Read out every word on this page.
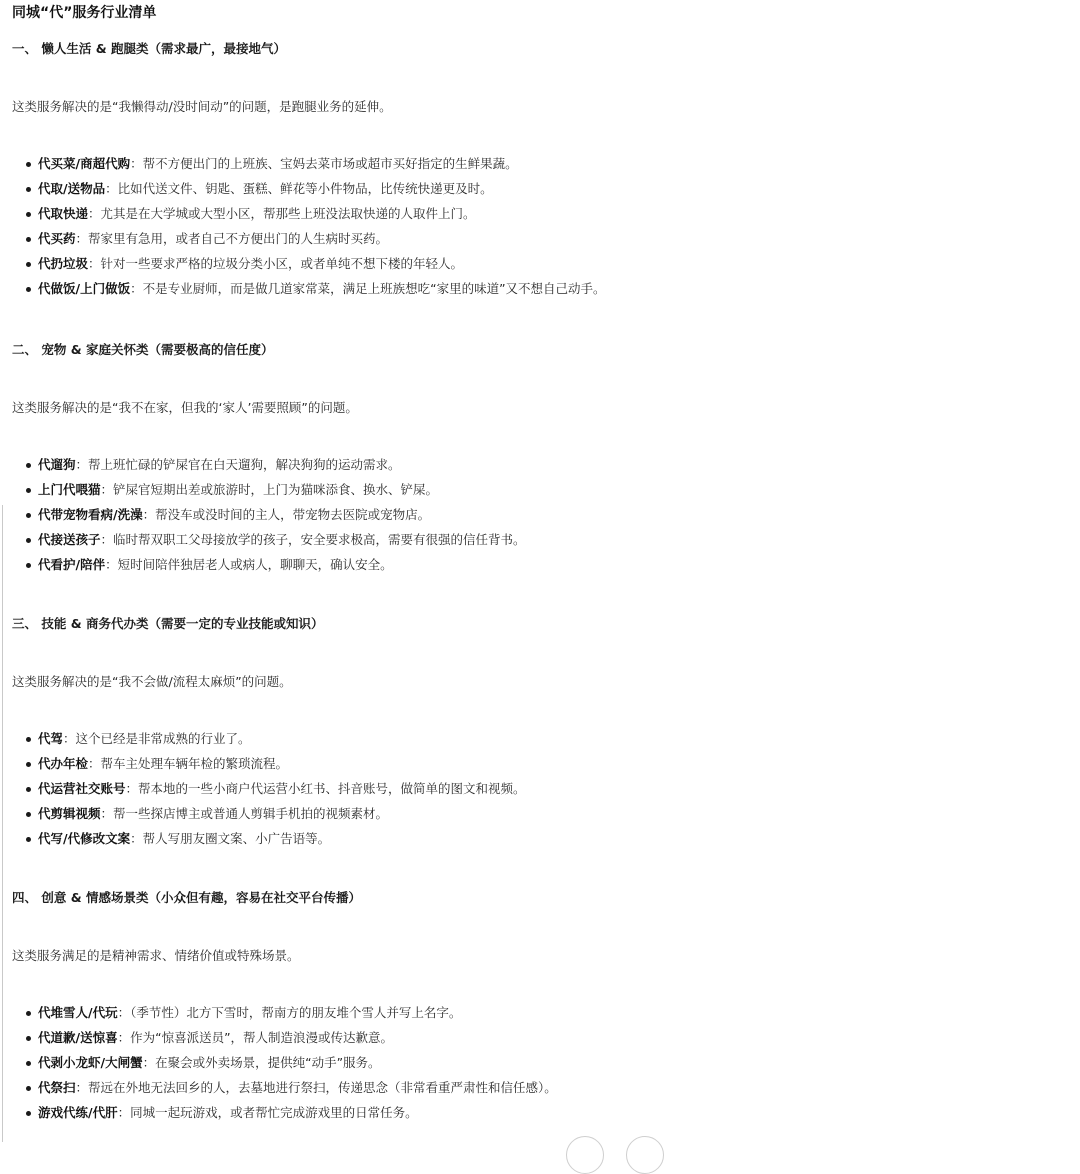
同城“代”服务行业清单
一、 懒人生活 & 跑腿类（需求最广，最接地气）

这类服务解决的是“我懒得动/没时间动”的问题，是跑腿业务的延伸。

代买菜/商超代购：帮不方便出门的上班族、宝妈去菜市场或超市买好指定的生鲜果蔬。
代取/送物品：比如代送文件、钥匙、蛋糕、鲜花等小件物品，比传统快递更及时。
代取快递：尤其是在大学城或大型小区，帮那些上班没法取快递的人取件上门。
代买药：帮家里有急用，或者自己不方便出门的人生病时买药。
代扔垃圾：针对一些要求严格的垃圾分类小区，或者单纯不想下楼的年轻人。
代做饭/上门做饭：不是专业厨师，而是做几道家常菜，满足上班族想吃“家里的味道”又不想自己动手。
二、 宠物 & 家庭关怀类（需要极高的信任度）

这类服务解决的是“我不在家，但我的‘家人’需要照顾”的问题。

代遛狗：帮上班忙碌的铲屎官在白天遛狗，解决狗狗的运动需求。
上门代喂猫：铲屎官短期出差或旅游时，上门为猫咪添食、换水、铲屎。
代带宠物看病/洗澡：帮没车或没时间的主人，带宠物去医院或宠物店。
代接送孩子：临时帮双职工父母接放学的孩子，安全要求极高，需要有很强的信任背书。
代看护/陪伴：短时间陪伴独居老人或病人，聊聊天，确认安全。
三、 技能 & 商务代办类（需要一定的专业技能或知识）

这类服务解决的是“我不会做/流程太麻烦”的问题。

代驾：这个已经是非常成熟的行业了。
代办年检：帮车主处理车辆年检的繁琐流程。
代运营社交账号：帮本地的一些小商户代运营小红书、抖音账号，做简单的图文和视频。
代剪辑视频：帮一些探店博主或普通人剪辑手机拍的视频素材。
代写/代修改文案：帮人写朋友圈文案、小广告语等。
四、 创意 & 情感场景类（小众但有趣，容易在社交平台传播）

这类服务满足的是精神需求、情绪价值或特殊场景。

代堆雪人/代玩：（季节性）北方下雪时，帮南方的朋友堆个雪人并写上名字。
代道歉/送惊喜：作为“惊喜派送员”，帮人制造浪漫或传达歉意。
代剥小龙虾/大闸蟹：在聚会或外卖场景，提供纯“动手”服务。
代祭扫：帮远在外地无法回乡的人，去墓地进行祭扫，传递思念（非常看重严肃性和信任感）。
游戏代练/代肝：同城一起玩游戏，或者帮忙完成游戏里的日常任务。
